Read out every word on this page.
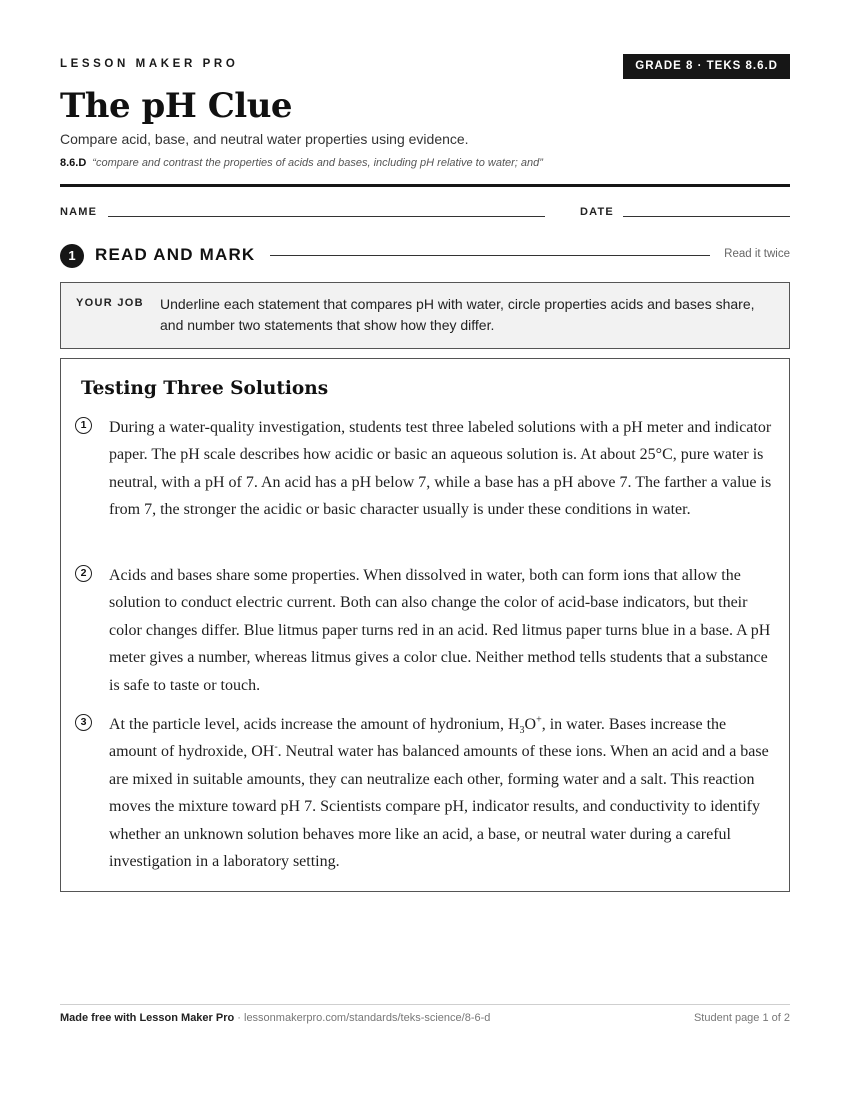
LESSON MAKER PRO	GRADE 8 · TEKS 8.6.D
The pH Clue
Compare acid, base, and neutral water properties using evidence.
8.6.D “compare and contrast the properties of acids and bases, including pH relative to water; and”
NAME	DATE
1	READ AND MARK	Read it twice
YOUR JOB Underline each statement that compares pH with water, circle properties acids and bases share, and number two statements that show how they differ.
Testing Three Solutions
1	During a water-quality investigation, students test three labeled solutions with a pH meter and indicator paper. The pH scale describes how acidic or basic an aqueous solution is. At about 25°C, pure water is neutral, with a pH of 7. An acid has a pH below 7, while a base has a pH above 7. The farther a value is from 7, the stronger the acidic or basic character usually is under these conditions in water.

2	Acids and bases share some properties. When dissolved in water, both can form ions that allow the solution to conduct electric current. Both can also change the color of acid-base indicators, but their color changes differ. Blue litmus paper turns red in an acid. Red litmus paper turns blue in a base. A pH meter gives a number, whereas litmus gives a color clue. Neither method tells students that a substance is safe to taste or touch.

3	At the particle level, acids increase the amount of hydronium, $H_3O^+$, in water. Bases increase the amount of hydroxide, OH-. Neutral water has balanced amounts of these ions. When an acid and a base are mixed in suitable amounts, they can neutralize each other, forming water and a salt. This reaction moves the mixture toward pH 7. Scientists compare pH, indicator results, and conductivity to identify whether an unknown solution behaves more like an acid, a base, or neutral water during a careful investigation in a laboratory setting.

Made free with Lesson Maker Pro · lessonmakerpro.com/standards/teks-science/8-6-d	Student page 1 of 2
